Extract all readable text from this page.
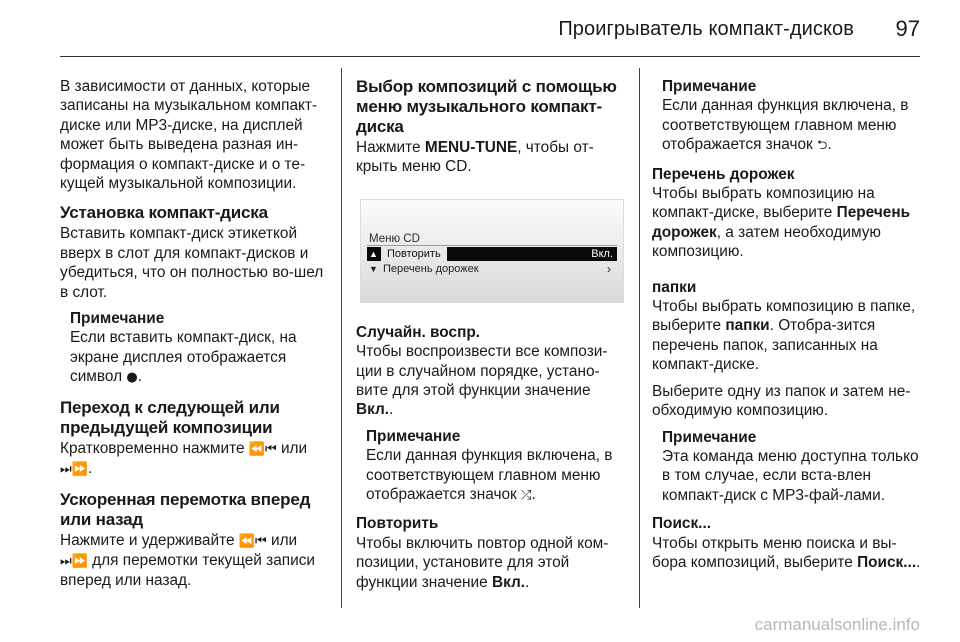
Проигрыватель компакт-дисков 97

В зависимости от данных, которые записаны на музыкальном компакт-диске или MP3-диске, на дисплей может быть выведена разная ин-формация о компакт-диске и о те-кущей музыкальной композиции.

Установка компакт-диска

Вставить компакт-диск этикеткой вверх в слот для компакт-дисков и убедиться, что он полностью во-шел в слот.

Примечание
Если вставить компакт-диск, на экране дисплея отображается символ ●.
Переход к следующей или предыдущей композиции

Кратковременно нажмите ⏪⏮ или ⏭⏩.

Ускоренная перемотка вперед или назад

Нажмите и удерживайте ⏪⏮ или ⏭⏩ для перемотки текущей записи вперед или назад.

Выбор композиций с помощью меню музыкального компакт-диска

Нажмите MENU-TUNE, чтобы от-крыть меню CD.

Меню CD
▲ Повторить	Вкл.
▼ Перечень дорожек	›
Случайн. воспр.

Чтобы воспроизвести все компози-ции в случайном порядке, устано-вите для этой функции значение Вкл..

Примечание
Если данная функция включена, в соответствующем главном меню отображается значок ⤮.
Повторить

Чтобы включить повтор одной ком-позиции, установите для этой функции значение Вкл..

Примечание
Если данная функция включена, в соответствующем главном меню отображается значок ⮌.
Перечень дорожек

Чтобы выбрать композицию на компакт-диске, выберите Перечень дорожек, а затем необходимую композицию.

папки

Чтобы выбрать композицию в папке, выберите папки. Отобра-зится перечень папок, записанных на компакт-диске.

Выберите одну из папок и затем не-обходимую композицию.

Примечание
Эта команда меню доступна только в том случае, если вста-влен компакт-диск с MP3-фай-лами.
Поиск...

Чтобы открыть меню поиска и вы-бора композиций, выберите Поиск....

carmanualsonline.info
